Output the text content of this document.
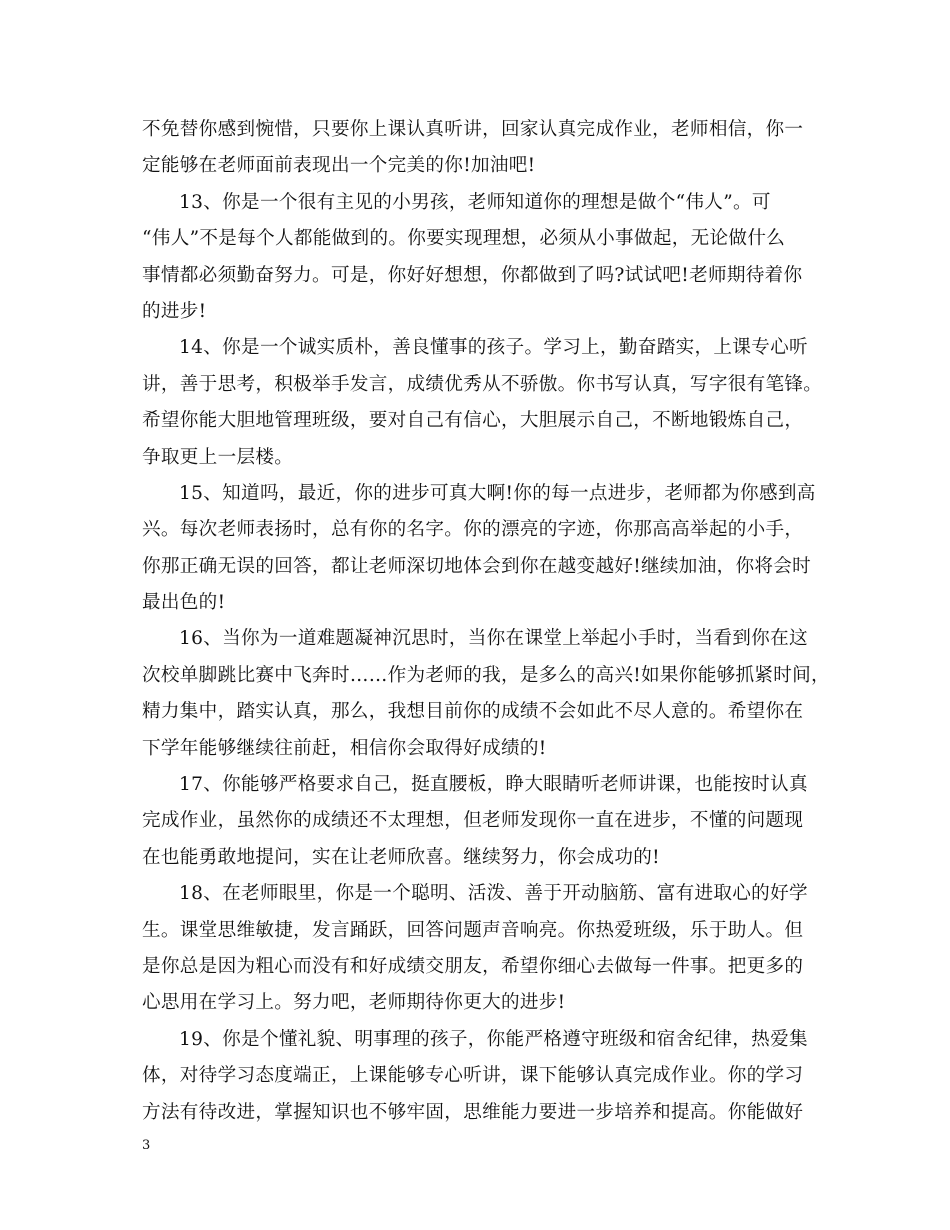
不免替你感到惋惜，只要你上课认真听讲，回家认真完成作业，老师相信，你一
定能够在老师面前表现出一个完美的你!加油吧!
13、你是一个很有主见的小男孩，老师知道你的理想是做个“伟人”。可
“伟人”不是每个人都能做到的。你要实现理想，必须从小事做起，无论做什么
事情都必须勤奋努力。可是，你好好想想，你都做到了吗?试试吧!老师期待着你
的进步!
14、你是一个诚实质朴，善良懂事的孩子。学习上，勤奋踏实，上课专心听
讲，善于思考，积极举手发言，成绩优秀从不骄傲。你书写认真，写字很有笔锋。
希望你能大胆地管理班级，要对自己有信心，大胆展示自己，不断地锻炼自己，
争取更上一层楼。
15、知道吗，最近，你的进步可真大啊!你的每一点进步，老师都为你感到高
兴。每次老师表扬时，总有你的名字。你的漂亮的字迹，你那高高举起的小手，
你那正确无误的回答，都让老师深切地体会到你在越变越好!继续加油，你将会时
最出色的!
16、当你为一道难题凝神沉思时，当你在课堂上举起小手时，当看到你在这
次校单脚跳比赛中飞奔时……作为老师的我，是多么的高兴!如果你能够抓紧时间，
精力集中，踏实认真，那么，我想目前你的成绩不会如此不尽人意的。希望你在
下学年能够继续往前赶，相信你会取得好成绩的!
17、你能够严格要求自己，挺直腰板，睁大眼睛听老师讲课，也能按时认真
完成作业，虽然你的成绩还不太理想，但老师发现你一直在进步，不懂的问题现
在也能勇敢地提问，实在让老师欣喜。继续努力，你会成功的!
18、在老师眼里，你是一个聪明、活泼、善于开动脑筋、富有进取心的好学
生。课堂思维敏捷，发言踊跃，回答问题声音响亮。你热爱班级，乐于助人。但
是你总是因为粗心而没有和好成绩交朋友，希望你细心去做每一件事。把更多的
心思用在学习上。努力吧，老师期待你更大的进步!
19、你是个懂礼貌、明事理的孩子，你能严格遵守班级和宿舍纪律，热爱集
体，对待学习态度端正，上课能够专心听讲，课下能够认真完成作业。你的学习
方法有待改进，掌握知识也不够牢固，思维能力要进一步培养和提高。你能做好
3
